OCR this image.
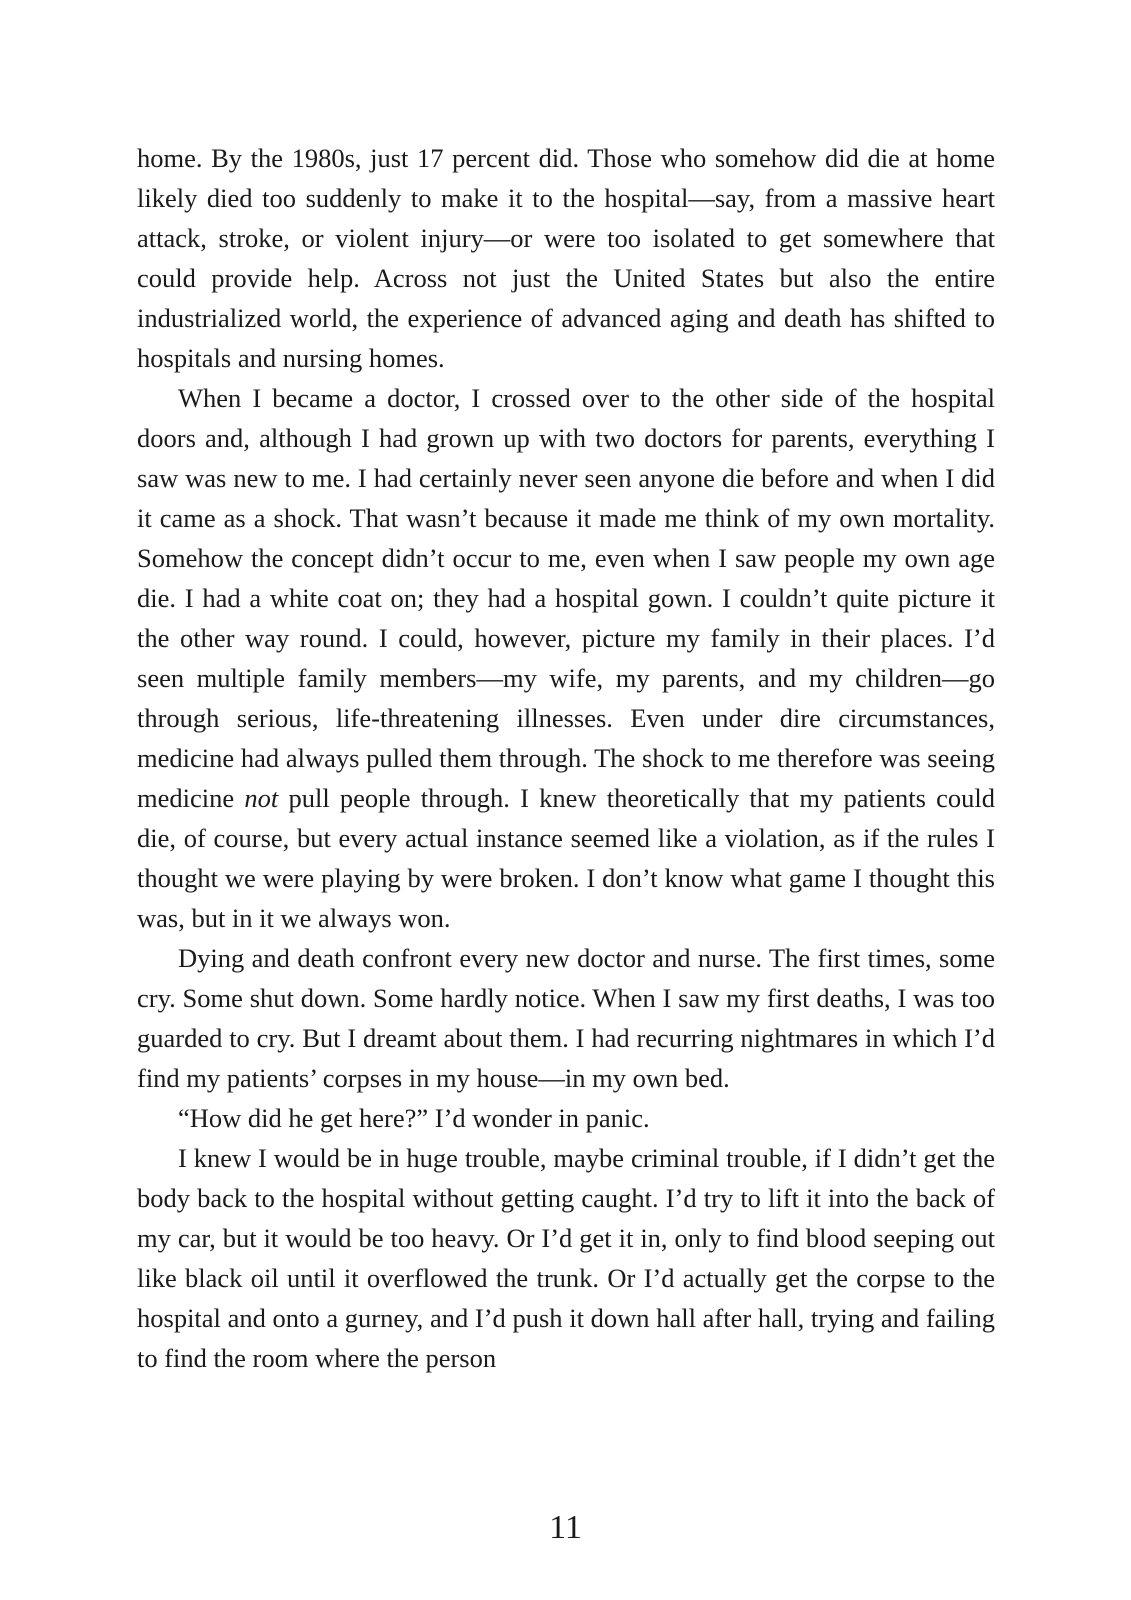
home. By the 1980s, just 17 percent did. Those who somehow did die at home likely died too suddenly to make it to the hospital—say, from a massive heart attack, stroke, or violent injury—or were too isolated to get somewhere that could provide help. Across not just the United States but also the entire industrialized world, the experience of advanced aging and death has shifted to hospitals and nursing homes.

When I became a doctor, I crossed over to the other side of the hospital doors and, although I had grown up with two doctors for parents, everything I saw was new to me. I had certainly never seen anyone die before and when I did it came as a shock. That wasn’t because it made me think of my own mortality. Somehow the concept didn’t occur to me, even when I saw people my own age die. I had a white coat on; they had a hospital gown. I couldn’t quite picture it the other way round. I could, however, picture my family in their places. I’d seen multiple family members—my wife, my parents, and my children—go through serious, life-threatening illnesses. Even under dire circumstances, medicine had always pulled them through. The shock to me therefore was seeing medicine not pull people through. I knew theoretically that my patients could die, of course, but every actual instance seemed like a violation, as if the rules I thought we were playing by were broken. I don’t know what game I thought this was, but in it we always won.

Dying and death confront every new doctor and nurse. The first times, some cry. Some shut down. Some hardly notice. When I saw my first deaths, I was too guarded to cry. But I dreamt about them. I had recurring nightmares in which I’d find my patients’ corpses in my house—in my own bed.

“How did he get here?” I’d wonder in panic.

I knew I would be in huge trouble, maybe criminal trouble, if I didn’t get the body back to the hospital without getting caught. I’d try to lift it into the back of my car, but it would be too heavy. Or I’d get it in, only to find blood seeping out like black oil until it overflowed the trunk. Or I’d actually get the corpse to the hospital and onto a gurney, and I’d push it down hall after hall, trying and failing to find the room where the person

11
